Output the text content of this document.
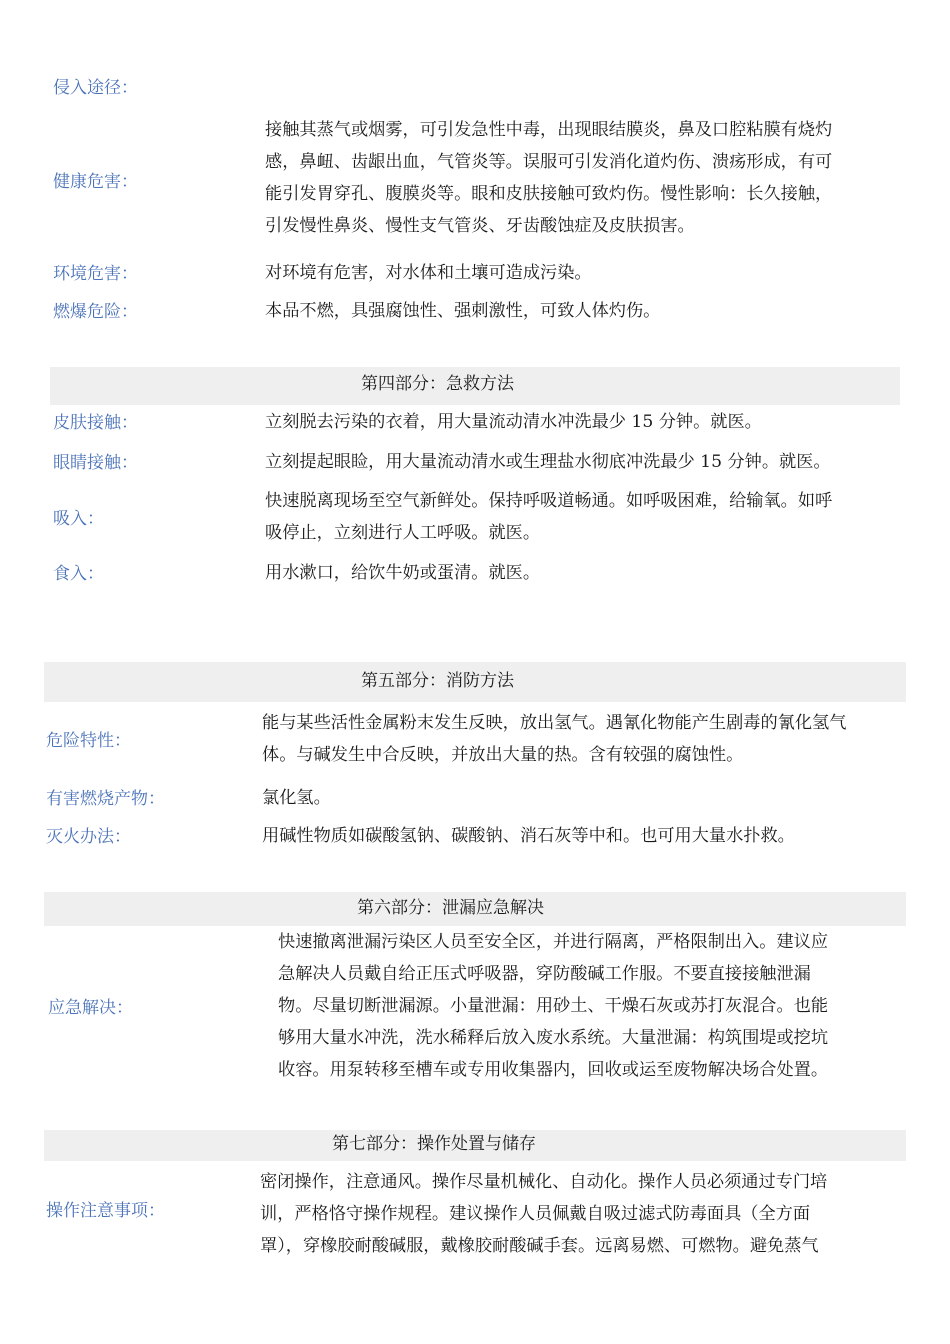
侵入途径：
健康危害：
接触其蒸气或烟雾，可引发急性中毒，出现眼结膜炎，鼻及口腔粘膜有烧灼
感，鼻衄、齿龈出血，气管炎等。误服可引发消化道灼伤、溃疡形成，有可
能引发胃穿孔、腹膜炎等。眼和皮肤接触可致灼伤。慢性影响：长久接触，
引发慢性鼻炎、慢性支气管炎、牙齿酸蚀症及皮肤损害。
环境危害：	对环境有危害，对水体和土壤可造成污染。
燃爆危险：	本品不燃，具强腐蚀性、强刺激性，可致人体灼伤。
第四部分：急救方法
皮肤接触：	立刻脱去污染的衣着，用大量流动清水冲洗最少 15 分钟。就医。
眼睛接触：	立刻提起眼睑，用大量流动清水或生理盐水彻底冲洗最少 15 分钟。就医。
吸入：
快速脱离现场至空气新鲜处。保持呼吸道畅通。如呼吸困难，给输氧。如呼
吸停止，立刻进行人工呼吸。就医。
食入：	用水漱口，给饮牛奶或蛋清。就医。
第五部分：消防方法
危险特性：
能与某些活性金属粉末发生反映，放出氢气。遇氰化物能产生剧毒的氰化氢气
体。与碱发生中合反映，并放出大量的热。含有较强的腐蚀性。
有害燃烧产物：	氯化氢。
灭火办法：	用碱性物质如碳酸氢钠、碳酸钠、消石灰等中和。也可用大量水扑救。
第六部分：泄漏应急解决
应急解决：
快速撤离泄漏污染区人员至安全区，并进行隔离，严格限制出入。建议应
急解决人员戴自给正压式呼吸器，穿防酸碱工作服。不要直接接触泄漏
物。尽量切断泄漏源。小量泄漏：用砂土、干燥石灰或苏打灰混合。也能
够用大量水冲洗，洗水稀释后放入废水系统。大量泄漏：构筑围堤或挖坑
收容。用泵转移至槽车或专用收集器内，回收或运至废物解决场合处置。
第七部分：操作处置与储存
操作注意事项：
密闭操作，注意通风。操作尽量机械化、自动化。操作人员必须通过专门培
训，严格恪守操作规程。建议操作人员佩戴自吸过滤式防毒面具（全方面
罩），穿橡胶耐酸碱服，戴橡胶耐酸碱手套。远离易燃、可燃物。避免蒸气
